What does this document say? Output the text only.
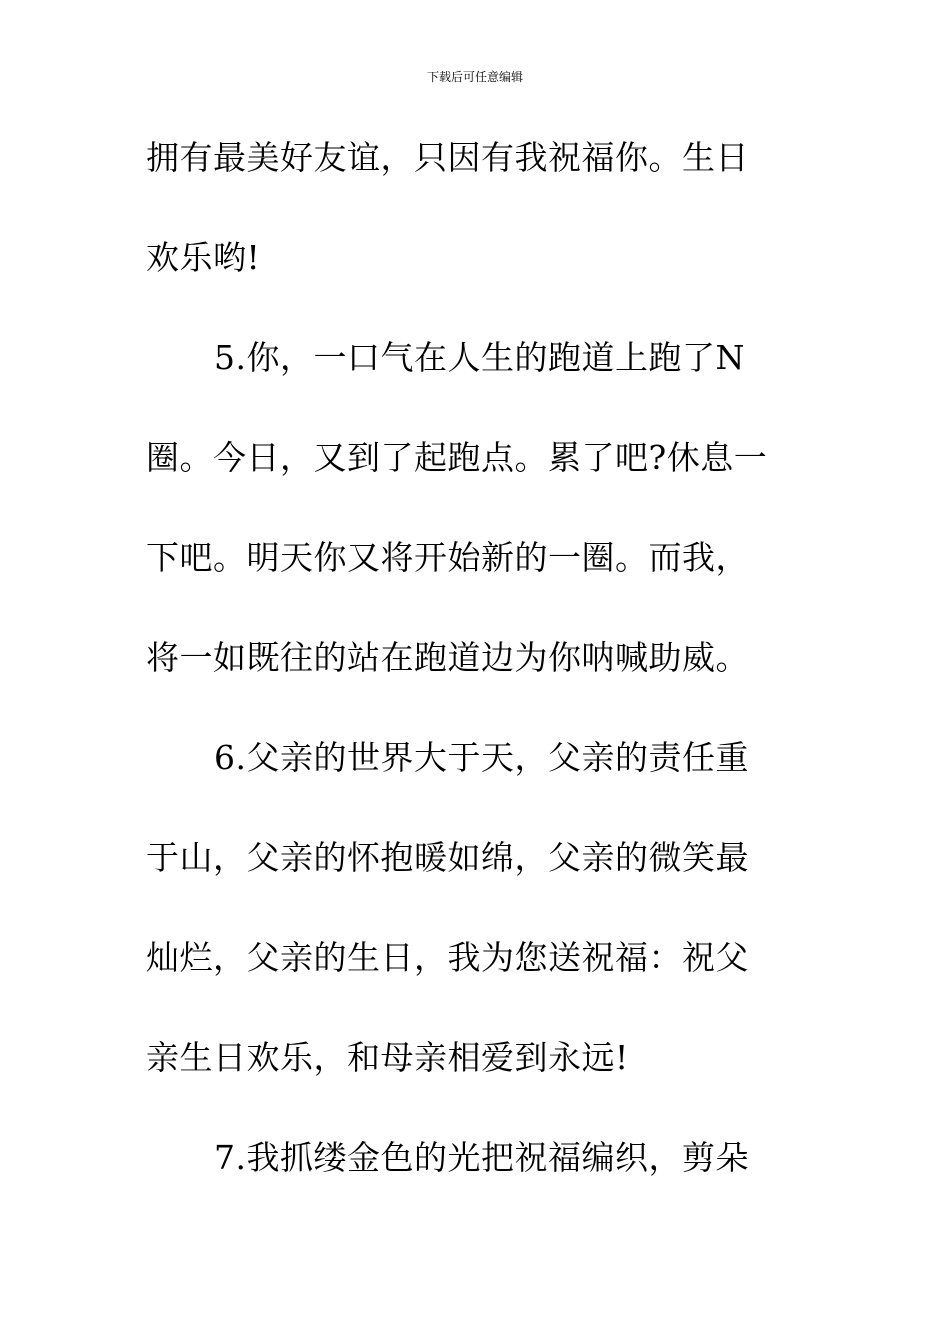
下载后可任意编辑
拥有最美好友谊，只因有我祝福你。生日
欢乐哟!
5.你，一口气在人生的跑道上跑了N
圈。今日，又到了起跑点。累了吧?休息一
下吧。明天你又将开始新的一圈。而我，
将一如既往的站在跑道边为你呐喊助威。
6.父亲的世界大于天，父亲的责任重
于山，父亲的怀抱暖如绵，父亲的微笑最
灿烂，父亲的生日，我为您送祝福：祝父
亲生日欢乐，和母亲相爱到永远!
7.我抓缕金色的光把祝福编织，剪朵
